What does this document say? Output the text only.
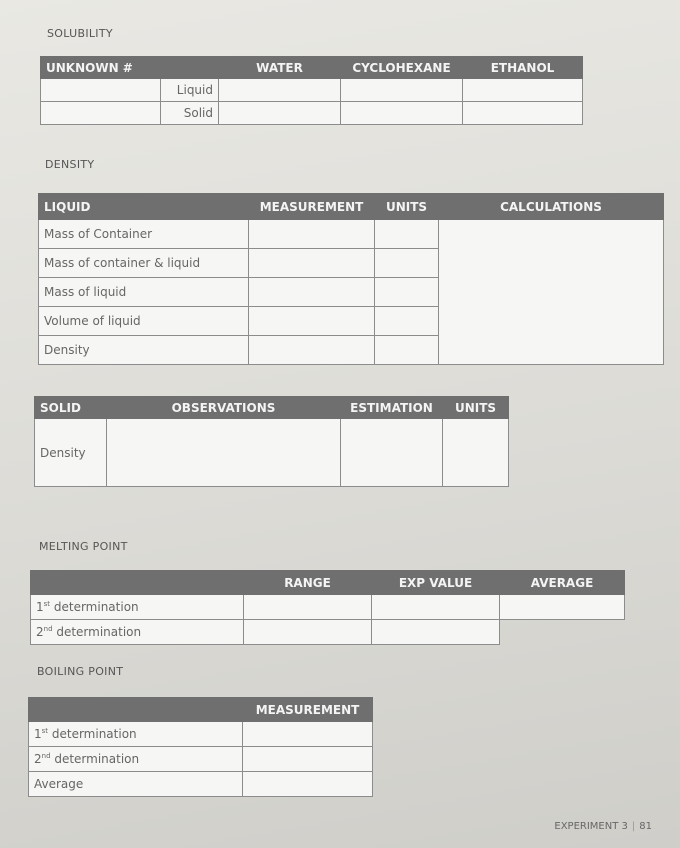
SOLUBILITY
UNKNOWN #		WATER	CYCLOHEXANE	ETHANOL
	Liquid			
	Solid			
DENSITY
LIQUID	MEASUREMENT	UNITS	CALCULATIONS
Mass of Container			
Mass of container & liquid			
Mass of liquid			
Volume of liquid			
Density			
SOLID	OBSERVATIONS	ESTIMATION	UNITS
Density			
MELTING POINT
	RANGE	EXP VALUE	AVERAGE
1st determination			
2nd determination			
BOILING POINT
	MEASUREMENT
1st determination	
2nd determination	
Average	
EXPERIMENT 3 | 81
